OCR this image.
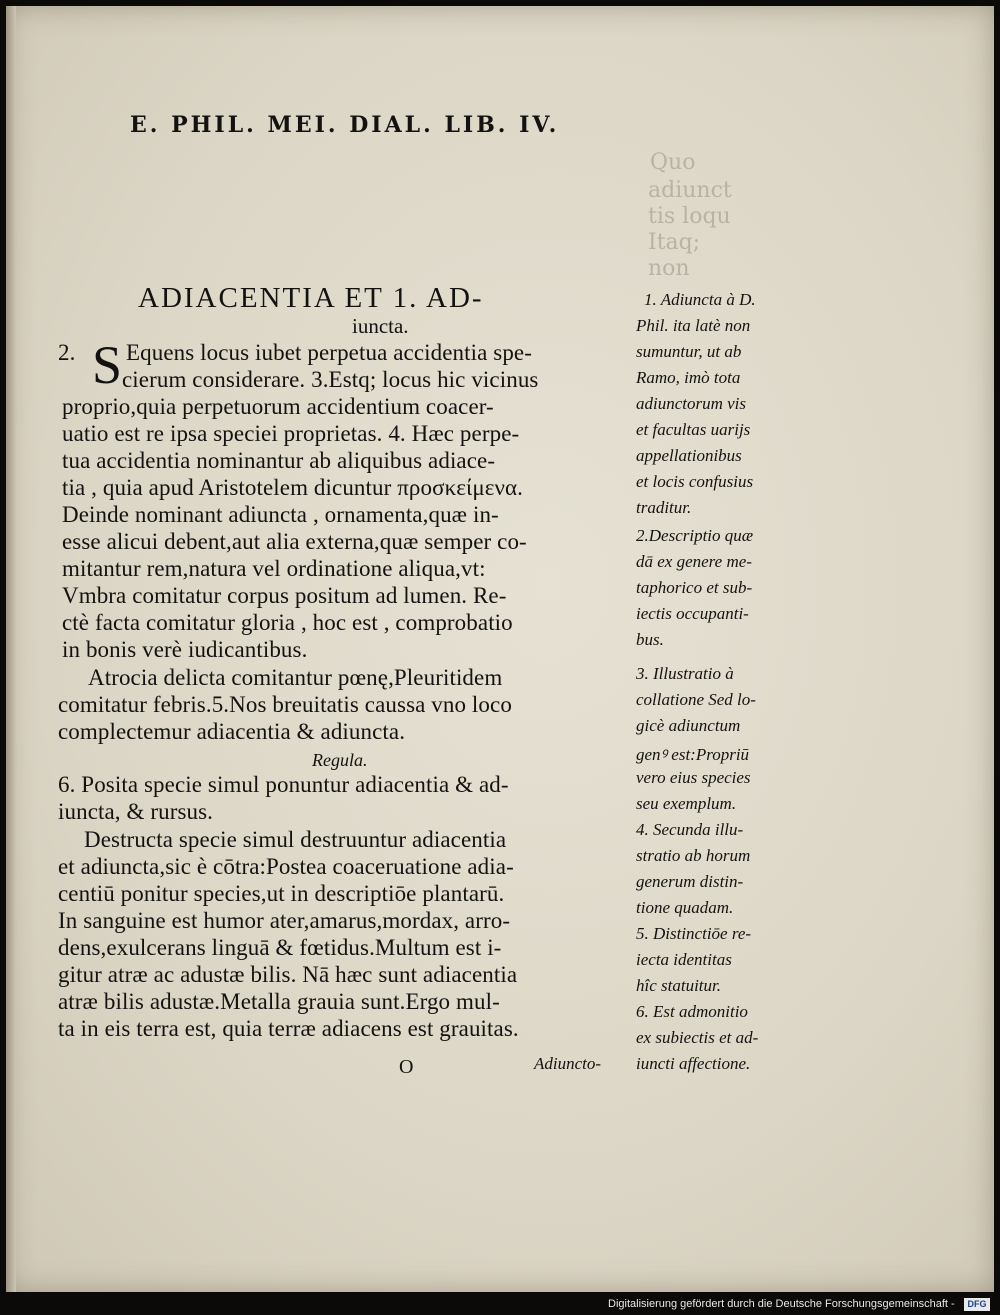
Quo
adiunct
tis loqu
Itaq;
non
E. PHIL. MEI. DIAL. LIB. IV.
ADIACENTIA ET 1. AD-
iuncta.
2. S Equens locus iubet perpetua accidentia spe-
cierum considerare. 3.Estq; locus hic vicinus
proprio,quia perpetuorum accidentium coacer-
uatio est re ipsa speciei proprietas. 4. Hæc perpe-
tua accidentia nominantur ab aliquibus adiace-
tia , quia apud Aristotelem dicuntur προσκείμενα.
Deinde nominant adiuncta , ornamenta,quæ in-
esse alicui debent,aut alia externa,quæ semper co-
mitantur rem,natura vel ordinatione aliqua,vt:
Vmbra comitatur corpus positum ad lumen. Re-
ctè facta comitatur gloria , hoc est , comprobatio
in bonis verè iudicantibus.
Atrocia delicta comitantur pœnę,Pleuritidem
comitatur febris.5.Nos breuitatis caussa vno loco
complectemur adiacentia & adiuncta.
Regula.
6. Posita specie simul ponuntur adiacentia & ad-
iuncta, & rursus.
Destructa specie simul destruuntur adiacentia
et adiuncta,sic è cōtra:Postea coaceruatione adia-
centiū ponitur species,ut in descriptiōe plantarū.
In sanguine est humor ater,amarus,mordax, arro-
dens,exulcerans linguā & fœtidus.Multum est i-
gitur atræ ac adustæ bilis. Nā hæc sunt adiacentia
atræ bilis adustæ.Metalla grauia sunt.Ergo mul-
ta in eis terra est, quia terræ adiacens est grauitas.
O	Adiuncto-
1. Adiuncta à D.
Phil. ita latè non
sumuntur, ut ab
Ramo, imò tota
adiunctorum vis
et facultas uarijs
appellationibus
et locis confusius
traditur.
2.Descriptio quæ
dā ex genere me-
taphorico et sub-
iectis occupanti-
bus.
3. Illustratio à
collatione Sed lo-
gicè adiunctum
genꝰ est:Propriū
vero eius species
seu exemplum.
4. Secunda illu-
stratio ab horum
generum distin-
tione quadam.
5. Distinctiōe re-
iecta identitas
hîc statuitur.
6. Est admonitio
ex subiectis et ad-
iuncti affectione.
Digitalisierung gefördert durch die Deutsche Forschungsgemeinschaft -	DFG
